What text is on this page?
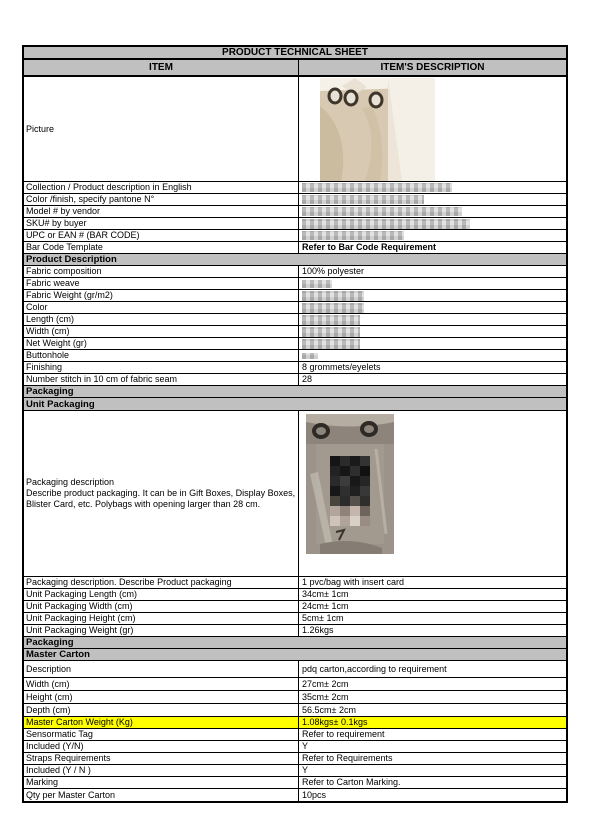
PRODUCT TECHNICAL SHEET
ITEM	ITEM'S DESCRIPTION
Picture
Collection / Product description in English
Color /finish, specify pantone N°
Model # by vendor
SKU# by buyer
UPC or EAN # (BAR CODE)
Bar Code Template	Refer to Bar Code Requirement
Product Description
Fabric composition	100% polyester
Fabric weave
Fabric Weight (gr/m2)
Color
Length (cm)
Width (cm)
Net Weight (gr)
Buttonhole
Finishing	8 grommets/eyelets
Number stitch in 10 cm of fabric seam	28
Packaging
Unit Packaging
Packaging description
Describe product packaging. It can be in Gift Boxes, Display Boxes, Blister Card, etc. Polybags with opening larger than 28 cm.
Packaging description. Describe Product packaging	1 pvc/bag with insert card
Unit Packaging Length (cm)	34cm± 1cm
Unit Packaging Width (cm)	24cm± 1cm
Unit Packaging Height (cm)	5cm± 1cm
Unit Packaging Weight (gr)	1.26kgs
Packaging
Master Carton
Description	pdq carton,according to requirement
Width (cm)	27cm± 2cm
Height (cm)	35cm± 2cm
Depth (cm)	56.5cm± 2cm
Master Carton Weight (Kg)	1.08kgs± 0.1kgs
Sensormatic Tag	Refer to requirement
Included (Y/N)	Y
Straps Requirements	Refer to Requirements
Included (Y / N )	Y
Marking	Refer to Carton Marking.
Qty per Master Carton	10pcs
